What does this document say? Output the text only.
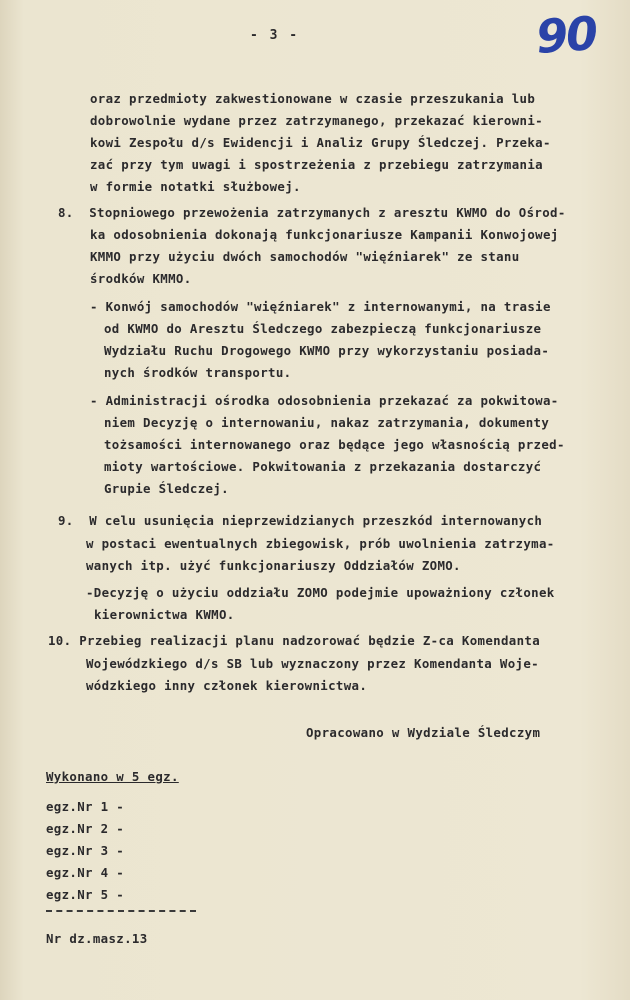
- 3 -	90
oraz przedmioty zakwestionowane w czasie przeszukania lub
dobrowolnie wydane przez zatrzymanego, przekazać kierowni-
kowi Zespołu d/s Ewidencji i Analiz Grupy Śledczej. Przeka-
zać przy tym uwagi i spostrzeżenia z przebiegu zatrzymania
w formie notatki służbowej.
8.  Stopniowego przewożenia zatrzymanych z aresztu KWMO do Ośrod-
ka odosobnienia dokonają funkcjonariusze Kampanii Konwojowej
KMMO przy użyciu dwóch samochodów "więźniarek" ze stanu
środków KMMO.
- Konwój samochodów "więźniarek" z internowanymi, na trasie
od KWMO do Aresztu Śledczego zabezpieczą funkcjonariusze
Wydziału Ruchu Drogowego KWMO przy wykorzystaniu posiada-
nych środków transportu.
- Administracji ośrodka odosobnienia przekazać za pokwitowa-
niem Decyzję o internowaniu, nakaz zatrzymania, dokumenty
tożsamości internowanego oraz będące jego własnością przed-
mioty wartościowe. Pokwitowania z przekazania dostarczyć
Grupie Śledczej.
9.  W celu usunięcia nieprzewidzianych przeszkód internowanych
w postaci ewentualnych zbiegowisk, prób uwolnienia zatrzyma-
wanych itp. użyć funkcjonariuszy Oddziałów ZOMO.
-Decyzję o użyciu oddziału ZOMO podejmie upoważniony członek
kierownictwa KWMO.
10. Przebieg realizacji planu nadzorować będzie Z-ca Komendanta
Wojewódzkiego d/s SB lub wyznaczony przez Komendanta Woje-
wódzkiego inny członek kierownictwa.
Opracowano w Wydziale Śledczym
Wykonano w 5 egz.
egz.Nr 1 -
egz.Nr 2 -
egz.Nr 3 -
egz.Nr 4 -
egz.Nr 5 -
Nr dz.masz.13
